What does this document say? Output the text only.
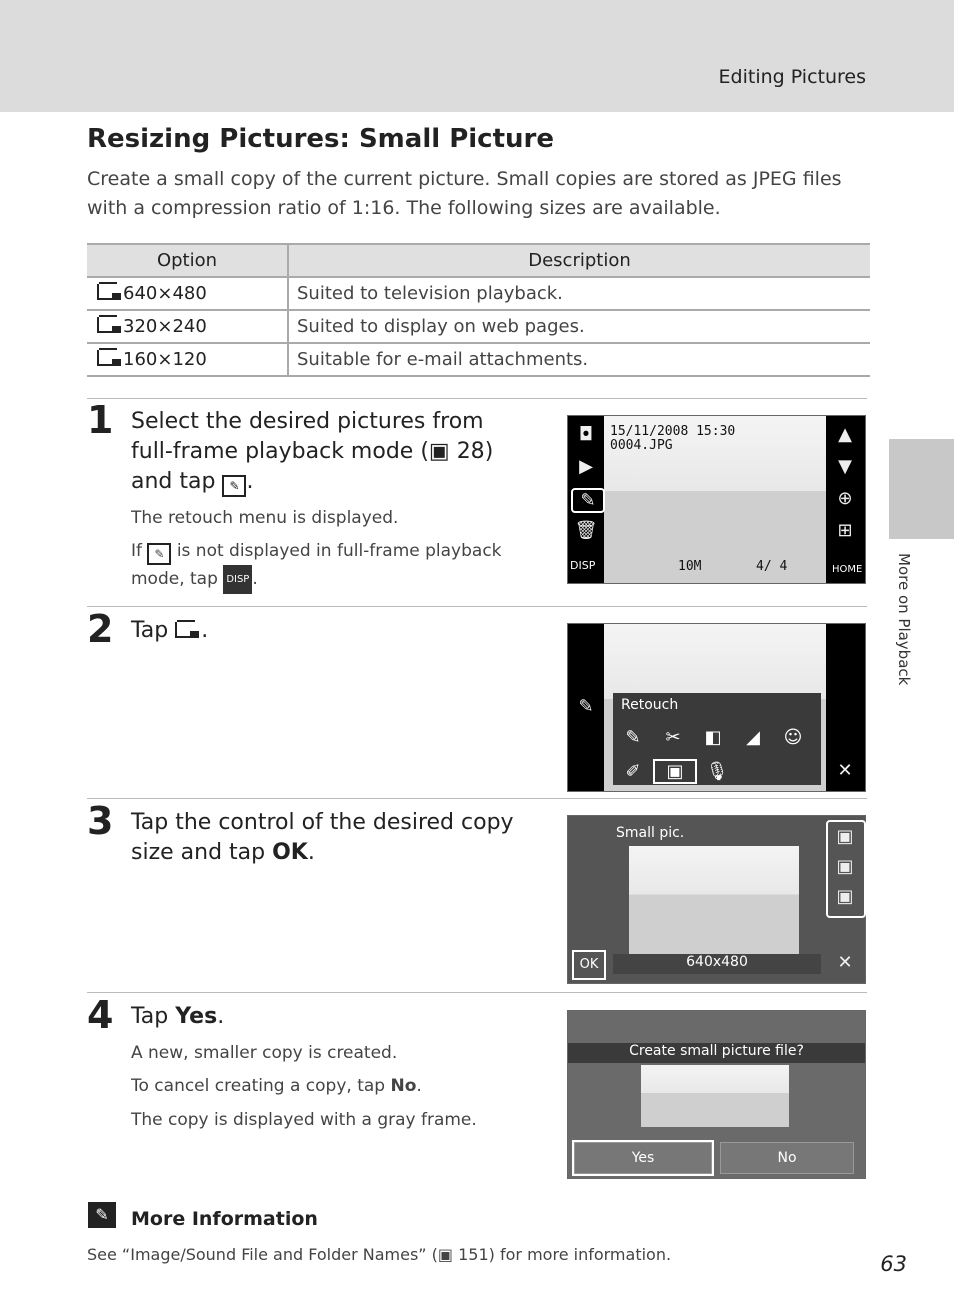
Editing Pictures
More on Playback
Resizing Pictures: Small Picture
Create a small copy of the current picture. Small copies are stored as JPEG files with a compression ratio of 1:16. The following sizes are available.
Option	Description
640×480	Suited to television playback.
320×240	Suited to display on web pages.
160×120	Suitable for e-mail attachments.
1 Select the desired pictures from full-frame playback mode (▣ 28) and tap ✎ .
The retouch menu is displayed.
If ✎ is not displayed in full-frame playback mode, tap DISP .
15/11/2008 15:30
0004.JPG
◘
▶
✎
🗑
DISP
▲
▼
⊕
⊞
HOME
10M	4/ 4
2 Tap .
✎	Retouch
✎ ✂ ◧ ◢ ☺
✐ ▣ 🎙	✕
3 Tap the control of the desired copy size and tap OK.
Small pic.
640x480
▣
▣
▣
OK	✕
4 Tap Yes.
A new, smaller copy is created.
To cancel creating a copy, tap No.
The copy is displayed with a gray frame.
Create small picture file?
Yes	No
✎	More Information
See “Image/Sound File and Folder Names” (▣ 151) for more information.	63
